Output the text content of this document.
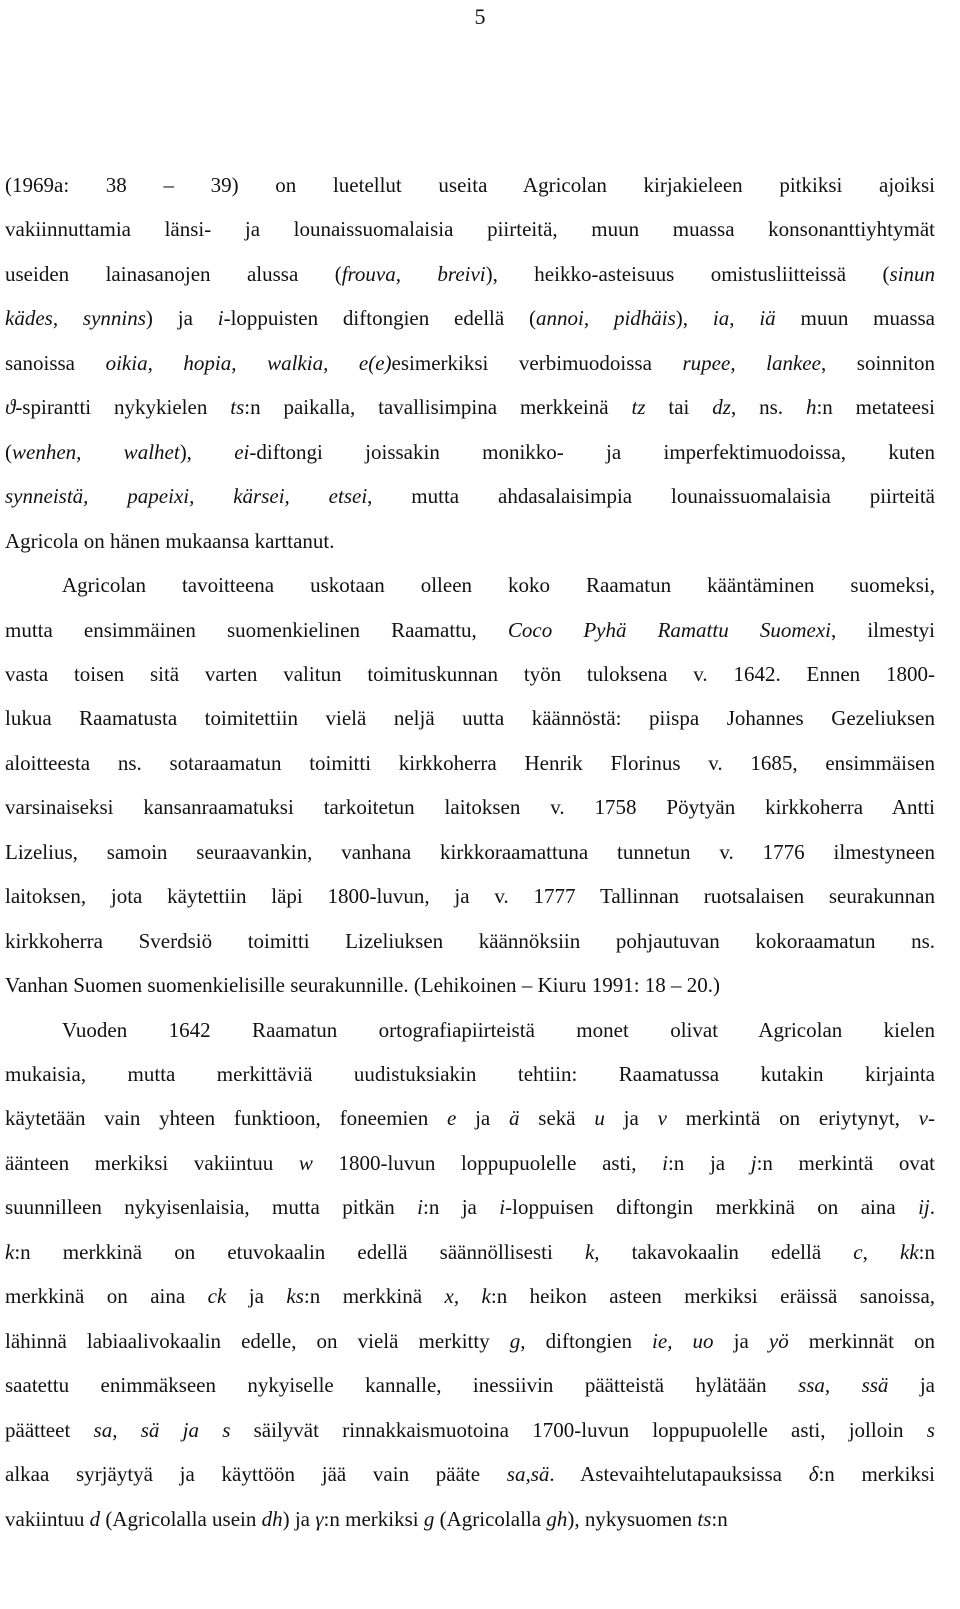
5
(1969a: 38 – 39) on luetellut useita Agricolan kirjakieleen pitkiksi ajoiksi
vakiinnuttamia länsi- ja lounaissuomalaisia piirteitä, muun muassa konsonanttiyhtymät
useiden lainasanojen alussa (frouva, breivi), heikko-asteisuus omistusliitteissä (sinun
kädes, synnins) ja i-loppuisten diftongien edellä (annoi, pidhäis), ia, iä muun muassa
sanoissa oikia, hopia, walkia, e(e)esimerkiksi verbimuodoissa rupee, lankee, soinniton
ϑ-spirantti nykykielen ts:n paikalla, tavallisimpina merkkeinä tz tai dz, ns. h:n metateesi
(wenhen, walhet), ei-diftongi joissakin monikko- ja imperfektimuodoissa, kuten
synneistä, papeixi, kärsei, etsei, mutta ahdasalaisimpia lounaissuomalaisia piirteitä
Agricola on hänen mukaansa karttanut.
Agricolan tavoitteena uskotaan olleen koko Raamatun kääntäminen suomeksi,
mutta ensimmäinen suomenkielinen Raamattu, Coco Pyhä Ramattu Suomexi, ilmestyi
vasta toisen sitä varten valitun toimituskunnan työn tuloksena v. 1642. Ennen 1800-
lukua Raamatusta toimitettiin vielä neljä uutta käännöstä: piispa Johannes Gezeliuksen
aloitteesta ns. sotaraamatun toimitti kirkkoherra Henrik Florinus v. 1685, ensimmäisen
varsinaiseksi kansanraamatuksi tarkoitetun laitoksen v. 1758 Pöytyän kirkkoherra Antti
Lizelius, samoin seuraavankin, vanhana kirkkoraamattuna tunnetun v. 1776 ilmestyneen
laitoksen, jota käytettiin läpi 1800-luvun, ja v. 1777 Tallinnan ruotsalaisen seurakunnan
kirkkoherra Sverdsiö toimitti Lizeliuksen käännöksiin pohjautuvan kokoraamatun ns.
Vanhan Suomen suomenkielisille seurakunnille. (Lehikoinen – Kiuru 1991: 18 – 20.)
Vuoden 1642 Raamatun ortografiapiirteistä monet olivat Agricolan kielen
mukaisia, mutta merkittäviä uudistuksiakin tehtiin: Raamatussa kutakin kirjainta
käytetään vain yhteen funktioon, foneemien e ja ä sekä u ja v merkintä on eriytynyt, v-
äänteen merkiksi vakiintuu w 1800-luvun loppupuolelle asti, i:n ja j:n merkintä ovat
suunnilleen nykyisenlaisia, mutta pitkän i:n ja i-loppuisen diftongin merkkinä on aina ij.
k:n merkkinä on etuvokaalin edellä säännöllisesti k, takavokaalin edellä c, kk:n
merkkinä on aina ck ja ks:n merkkinä x, k:n heikon asteen merkiksi eräissä sanoissa,
lähinnä labiaalivokaalin edelle, on vielä merkitty g, diftongien ie, uo ja yö merkinnät on
saatettu enimmäkseen nykyiselle kannalle, inessiivin päätteistä hylätään ssa, ssä ja
päätteet sa, sä ja s säilyvät rinnakkaismuotoina 1700-luvun loppupuolelle asti, jolloin s
alkaa syrjäytyä ja käyttöön jää vain pääte sa,sä. Astevaihtelutapauksissa δ:n merkiksi
vakiintuu d (Agricolalla usein dh) ja γ:n merkiksi g (Agricolalla gh), nykysuomen ts:n
